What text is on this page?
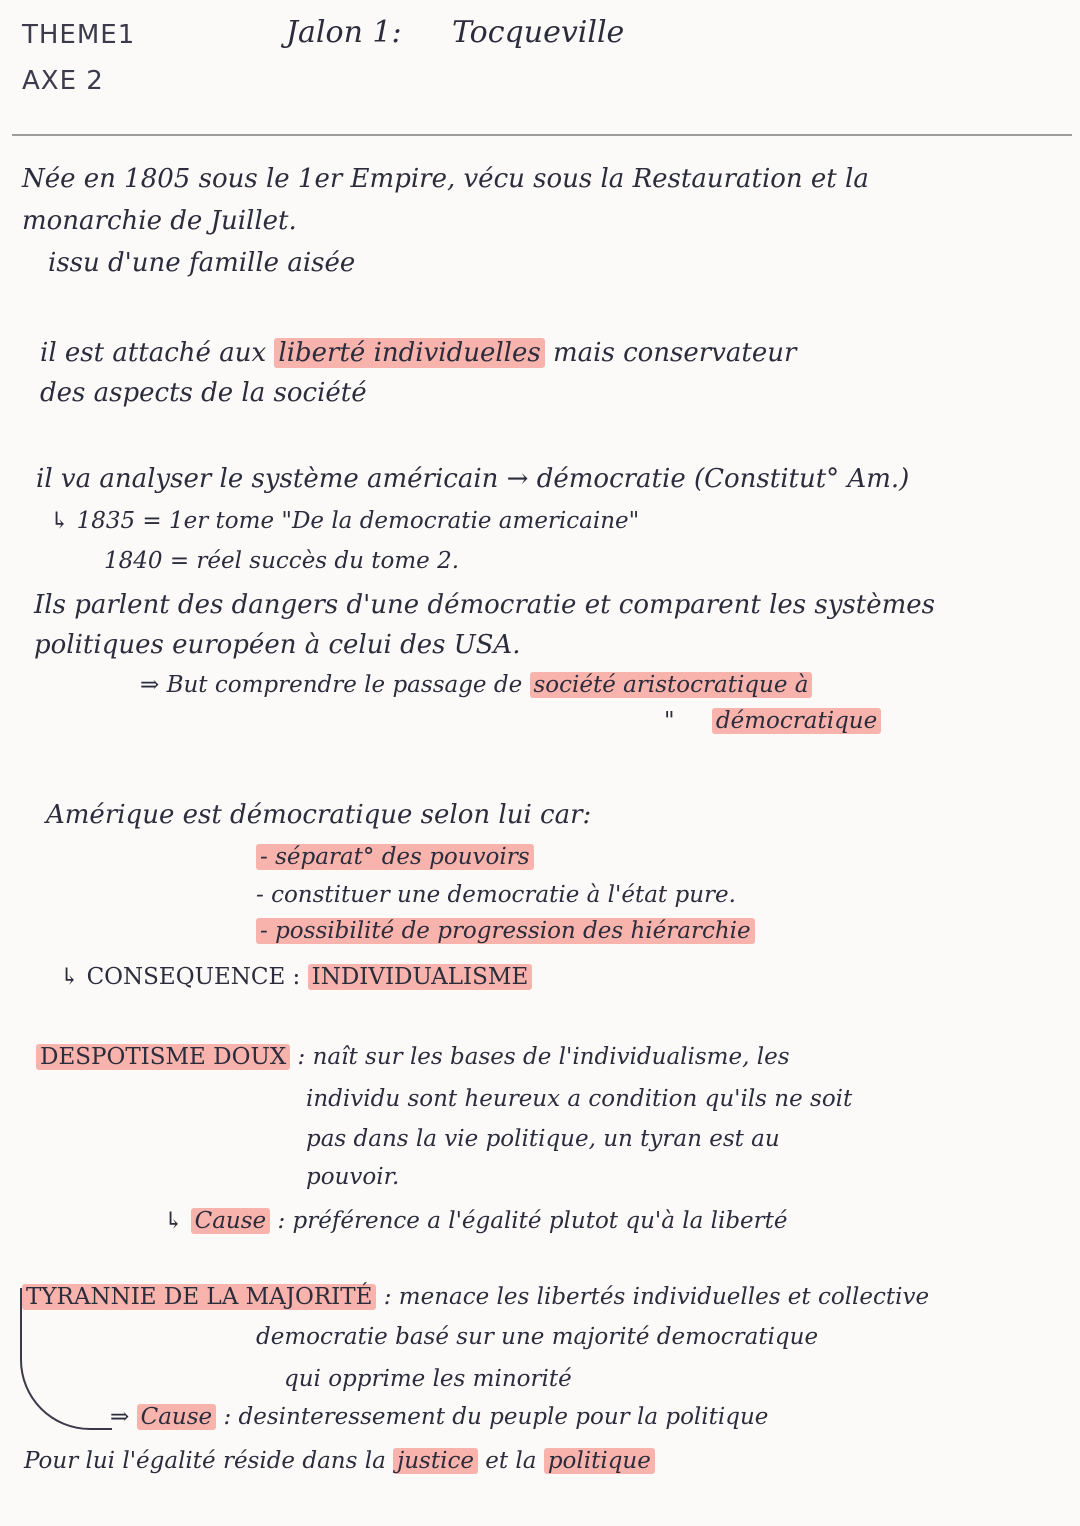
THEME1
AXE 2
Jalon 1: Tocqueville
Née en 1805 sous le 1er Empire, vécu sous la Restauration et la
monarchie de Juillet.
issu d'une famille aisée
il est attaché aux liberté individuelles mais conservateur
des aspects de la société
il va analyser le système américain → démocratie (Constitut° Am.)
↳ 1835 = 1er tome "De la democratie americaine"
1840 = réel succès du tome 2.
Ils parlent des dangers d'une démocratie et comparent les systèmes
politiques européen à celui des USA.
⇒ But comprendre le passage de société aristocratique à
" démocratique
Amérique est démocratique selon lui car:
- séparat° des pouvoirs
- constituer une democratie à l'état pure.
- possibilité de progression des hiérarchie
↳ CONSEQUENCE : INDIVIDUALISME
DESPOTISME DOUX : naît sur les bases de l'individualisme, les
individu sont heureux a condition qu'ils ne soit
pas dans la vie politique, un tyran est au
pouvoir.
↳ Cause : préférence a l'égalité plutot qu'à la liberté
TYRANNIE DE LA MAJORITÉ : menace les libertés individuelles et collective
democratie basé sur une majorité democratique
qui opprime les minorité
⇒ Cause : desinteressement du peuple pour la politique
Pour lui l'égalité réside dans la justice et la politique
